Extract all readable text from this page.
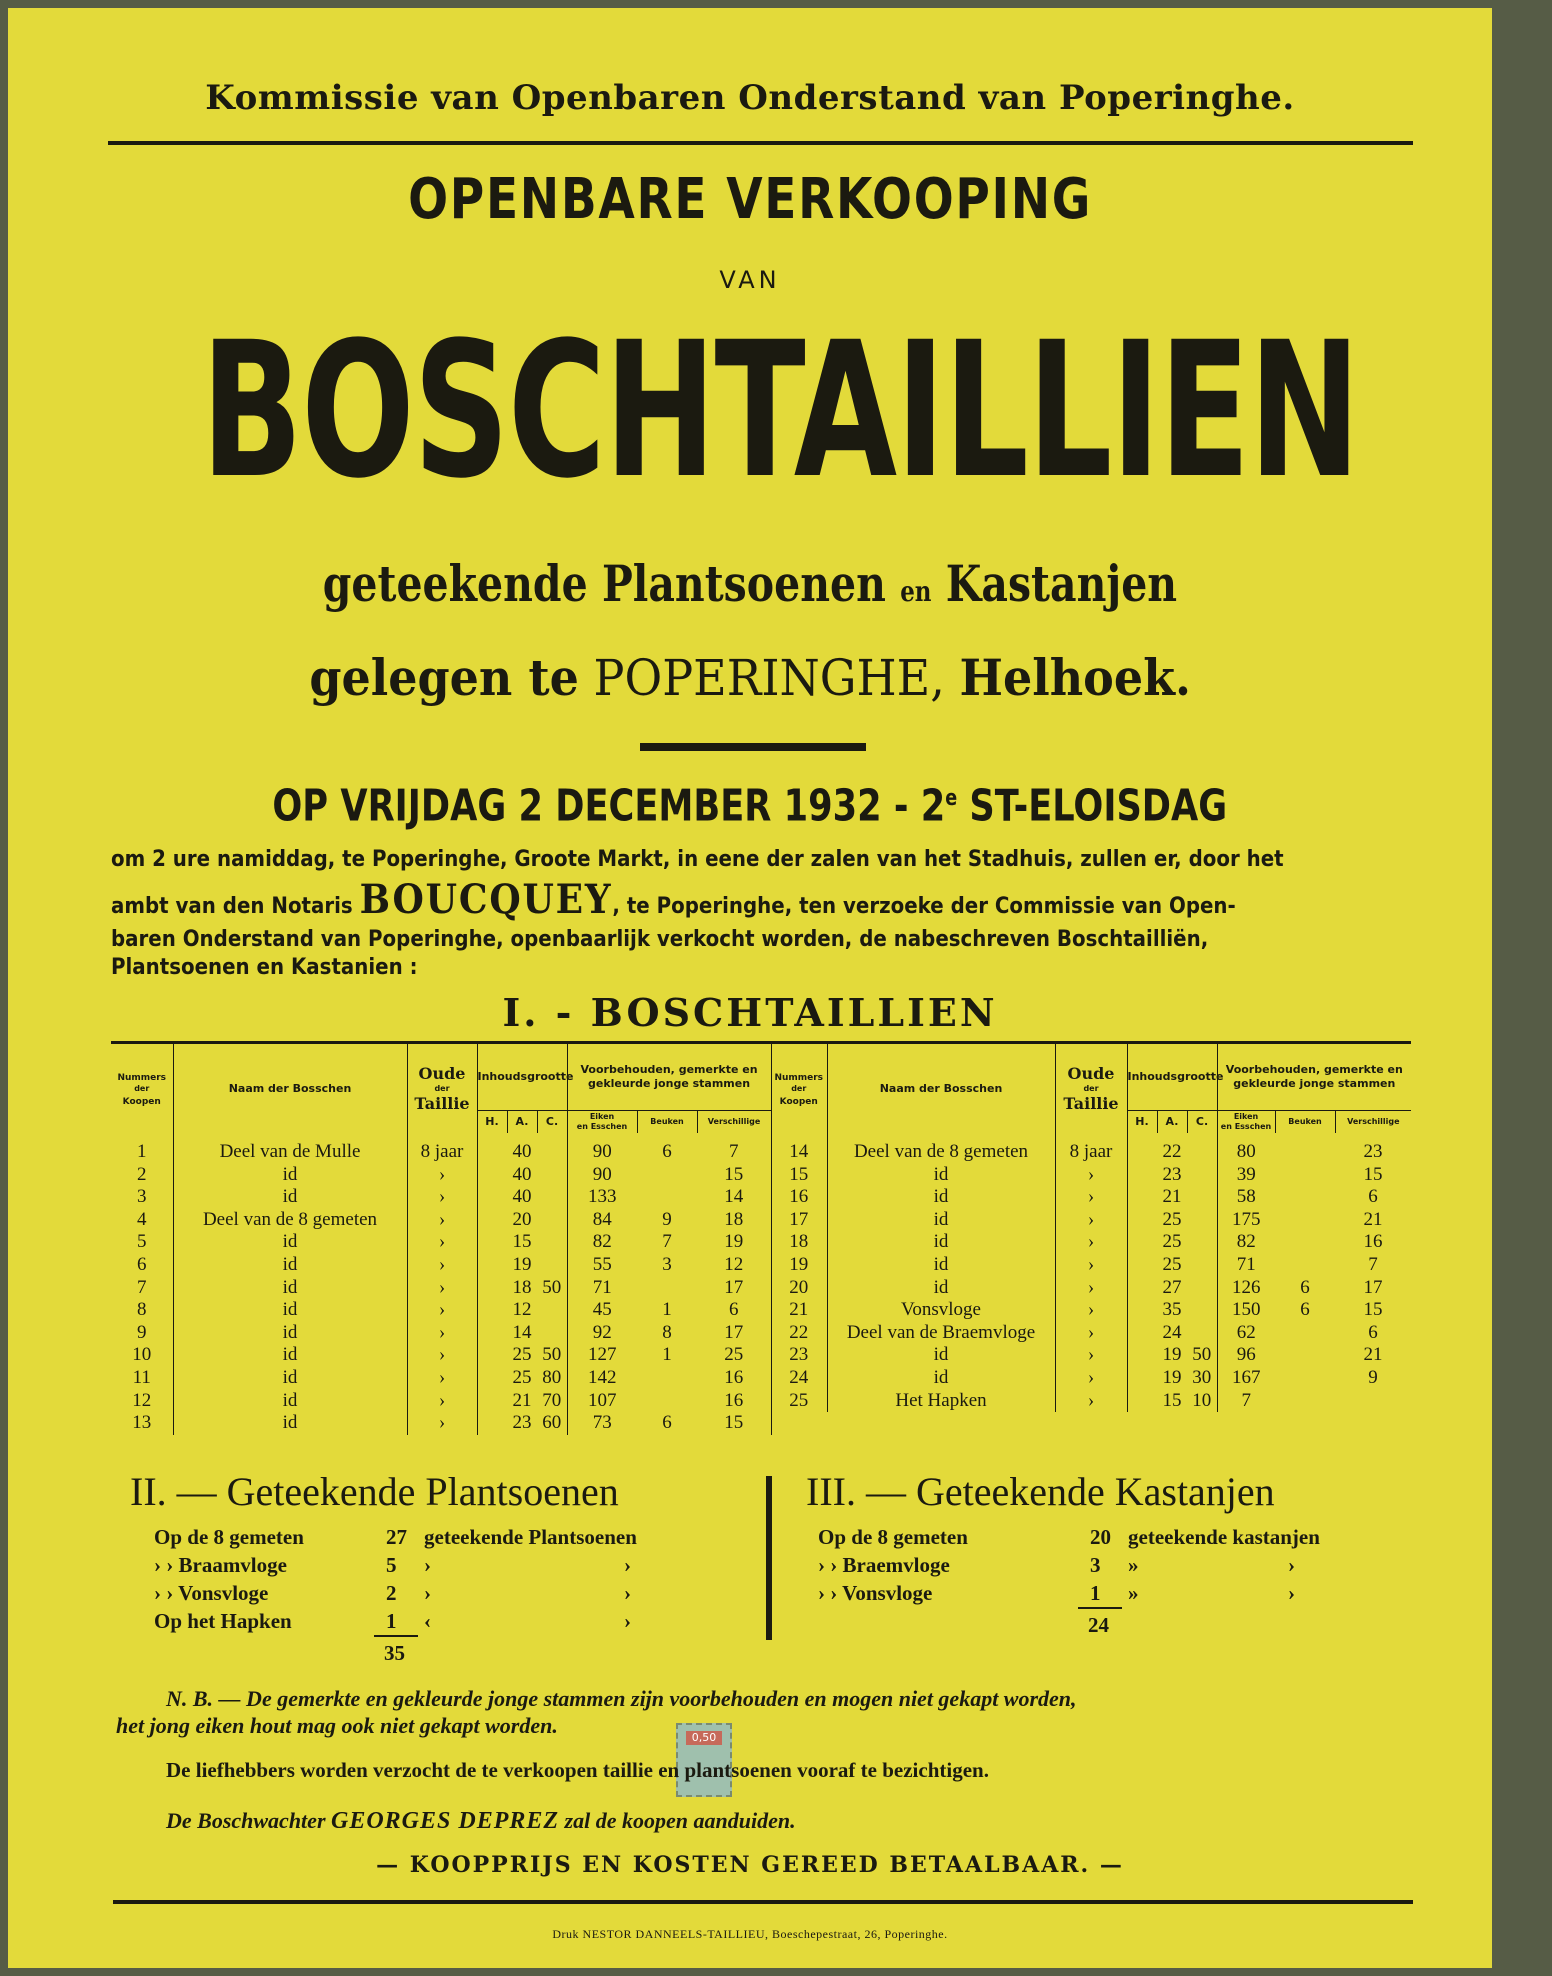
Kommissie van Openbaren Onderstand van Poperinghe.
OPENBARE VERKOOPING
VAN
BOSCHTAILLIEN
geteekende Plantsoenen en Kastanjen
gelegen te POPERINGHE, Helhoek.
OP VRIJDAG 2 DECEMBER 1932 - 2e ST-ELOISDAG
om 2 ure namiddag, te Poperinghe, Groote Markt, in eene der zalen van het Stadhuis, zullen er, door het
ambt van den Notaris BOUCQUEY, te Poperinghe, ten verzoeke der Commissie van Open-
baren Onderstand van Poperinghe, openbaarlijk verkocht worden, de nabeschreven Boschtailliën,
Plantsoenen en Kastanien :
I. - BOSCHTAILLIEN
Nummers
der
Koopen	Naam der Bosschen	Oude
der
Taillie	Inhoudsgrootte			Voorbehouden, gemerkte en gekleurde jonge stammen		
			H.	A.	C.	Eiken
en Esschen	Beuken	Verschillige

1	Deel van de Mulle	8 jaar		40		90	6	7
2	id	›		40		90		15
3	id	›		40		133		14
4	Deel van de 8 gemeten	›		20		84	9	18
5	id	›		15		82	7	19
6	id	›		19		55	3	12
7	id	›		18	50	71		17
8	id	›		12		45	1	6
9	id	›		14		92	8	17
10	id	›		25	50	127	1	25
11	id	›		25	80	142		16
12	id	›		21	70	107		16
13	id	›		23	60	73	6	15
Nummers
der
Koopen	Naam der Bosschen	Oude
der
Taillie	Inhoudsgrootte			Voorbehouden, gemerkte en gekleurde jonge stammen		
			H.	A.	C.	Eiken
en Esschen	Beuken	Verschillige

14	Deel van de 8 gemeten	8 jaar		22		80		23
15	id	›		23		39		15
16	id	›		21		58		6
17	id	›		25		175		21
18	id	›		25		82		16
19	id	›		25		71		7
20	id	›		27		126	6	17
21	Vonsvloge	›		35		150	6	15
22	Deel van de Braemvloge	›		24		62		6
23	id	›		19	50	96		21
24	id	›		19	30	167		9
25	Het Hapken	›		15	10	7		
II. — Geteekende Plantsoenen
Op de 8 gemeten	27 geteekende Plantsoenen
› › Braamvloge	5 ›	›
› › Vonsvloge	2 ›	›
Op het Hapken	1 ‹	›
35
III. — Geteekende Kastanjen
Op de 8 gemeten	20 geteekende kastanjen
› › Braemvloge	3 »	›
› › Vonsvloge	1 »	›
24
N. B. — De gemerkte en gekleurde jonge stammen zijn voorbehouden en mogen niet gekapt worden,
het jong eiken hout mag ook niet gekapt worden.	0,50
De liefhebbers worden verzocht de te verkoopen taillie en plantsoenen vooraf te bezichtigen.
De Boschwachter GEORGES DEPREZ zal de koopen aanduiden.
— KOOPPRIJS EN KOSTEN GEREED BETAALBAAR. —
Druk NESTOR DANNEELS-TAILLIEU, Boeschepestraat, 26, Poperinghe.
